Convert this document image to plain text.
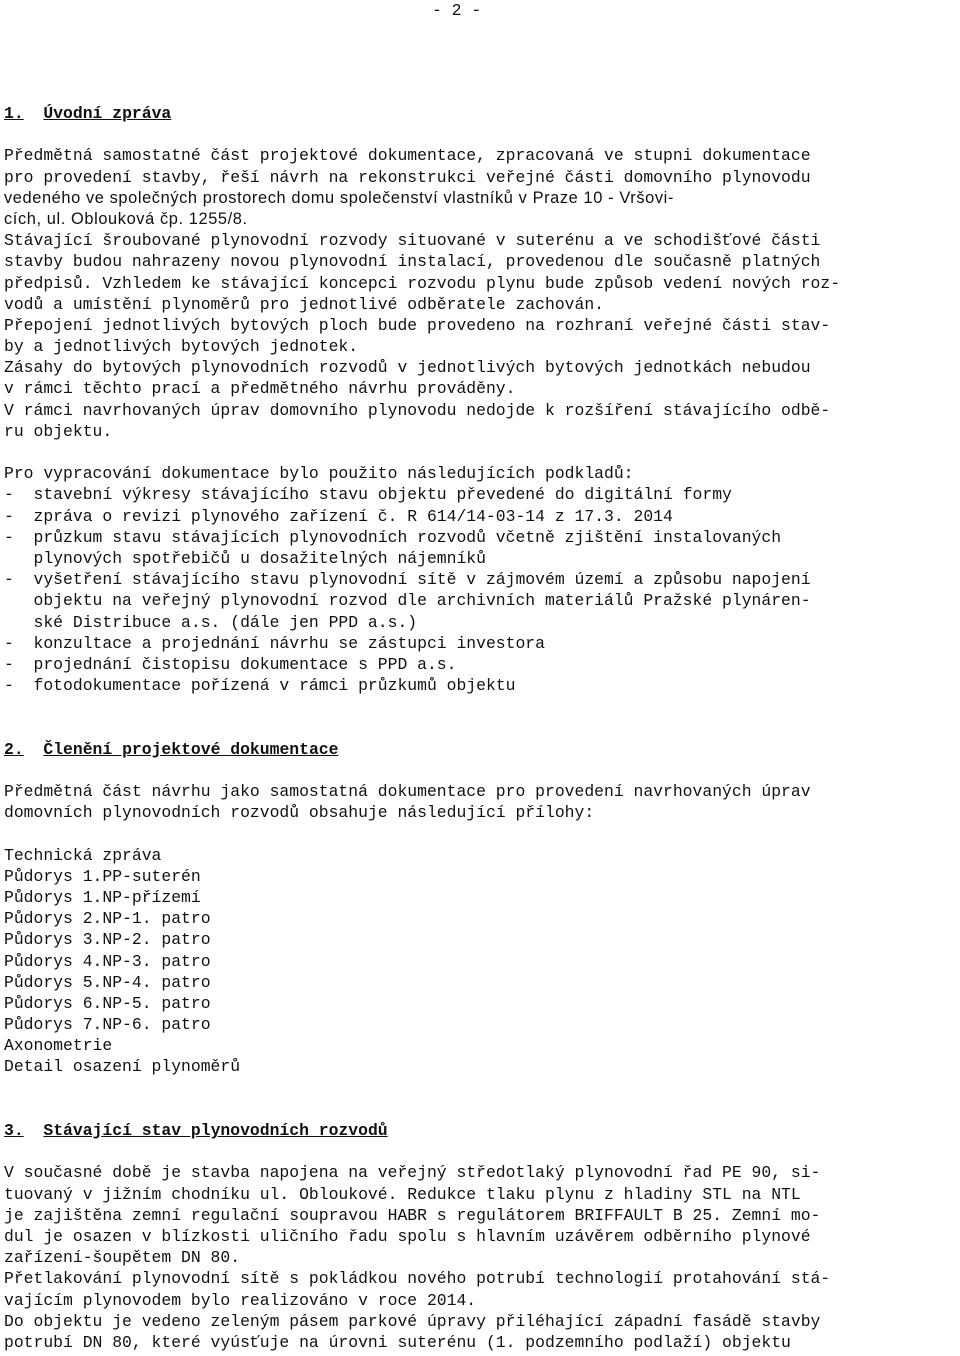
- 2 -
1. Úvodní zpráva
Předmětná samostatné část projektové dokumentace, zpracovaná ve stupni dokumentace
pro provedení stavby, řeší návrh na rekonstrukci veřejné části domovního plynovodu
vedeného ve společných prostorech domu společenství vlastníků v Praze 10 - Vršovi-
cích, ul. Oblouková čp. 1255/8.
Stávající šroubované plynovodní rozvody situované v suterénu a ve schodišťové části
stavby budou nahrazeny novou plynovodní instalací, provedenou dle současně platných
předpisů. Vzhledem ke stávající koncepci rozvodu plynu bude způsob vedení nových roz-
vodů a umístění plynoměrů pro jednotlivé odběratele zachován.
Přepojení jednotlivých bytových ploch bude provedeno na rozhraní veřejné části stav-
by a jednotlivých bytových jednotek.
Zásahy do bytových plynovodních rozvodů v jednotlivých bytových jednotkách nebudou
v rámci těchto prací a předmětného návrhu prováděny.
V rámci navrhovaných úprav domovního plynovodu nedojde k rozšíření stávajícího odbě-
ru objektu.
Pro vypracování dokumentace bylo použito následujících podkladů:
-  stavební výkresy stávajícího stavu objektu převedené do digitální formy
-  zpráva o revizi plynového zařízení č. R 614/14-03-14 z 17.3. 2014
-  průzkum stavu stávajících plynovodních rozvodů včetně zjištění instalovaných
plynových spotřebičů u dosažitelných nájemníků
-  vyšetření stávajícího stavu plynovodní sítě v zájmovém území a způsobu napojení
objektu na veřejný plynovodní rozvod dle archivních materiálů Pražské plynáren-
ské Distribuce a.s. (dále jen PPD a.s.)
-  konzultace a projednání návrhu se zástupci investora
-  projednání čistopisu dokumentace s PPD a.s.
-  fotodokumentace pořízená v rámci průzkumů objektu
2. Členění projektové dokumentace
Předmětná část návrhu jako samostatná dokumentace pro provedení navrhovaných úprav
domovních plynovodních rozvodů obsahuje následující přílohy:
Technická zpráva
Půdorys 1.PP-suterén
Půdorys 1.NP-přízemí
Půdorys 2.NP-1. patro
Půdorys 3.NP-2. patro
Půdorys 4.NP-3. patro
Půdorys 5.NP-4. patro
Půdorys 6.NP-5. patro
Půdorys 7.NP-6. patro
Axonometrie
Detail osazení plynoměrů
3. Stávající stav plynovodních rozvodů
V současné době je stavba napojena na veřejný středotlaký plynovodní řad PE 90, si-
tuovaný v jižním chodníku ul. Obloukové. Redukce tlaku plynu z hladiny STL na NTL
je zajištěna zemní regulační soupravou HABR s regulátorem BRIFFAULT B 25. Zemní mo-
dul je osazen v blízkosti uličního řadu spolu s hlavním uzávěrem odběrního plynové
zařízení-šoupětem DN 80.
Přetlakování plynovodní sítě s pokládkou nového potrubí technologií protahování stá-
vajícím plynovodem bylo realizováno v roce 2014.
Do objektu je vedeno zeleným pásem parkové úpravy přiléhající západní fasádě stavby
potrubí DN 80, které vyúsťuje na úrovni suterénu (1. podzemního podlaží) objektu
